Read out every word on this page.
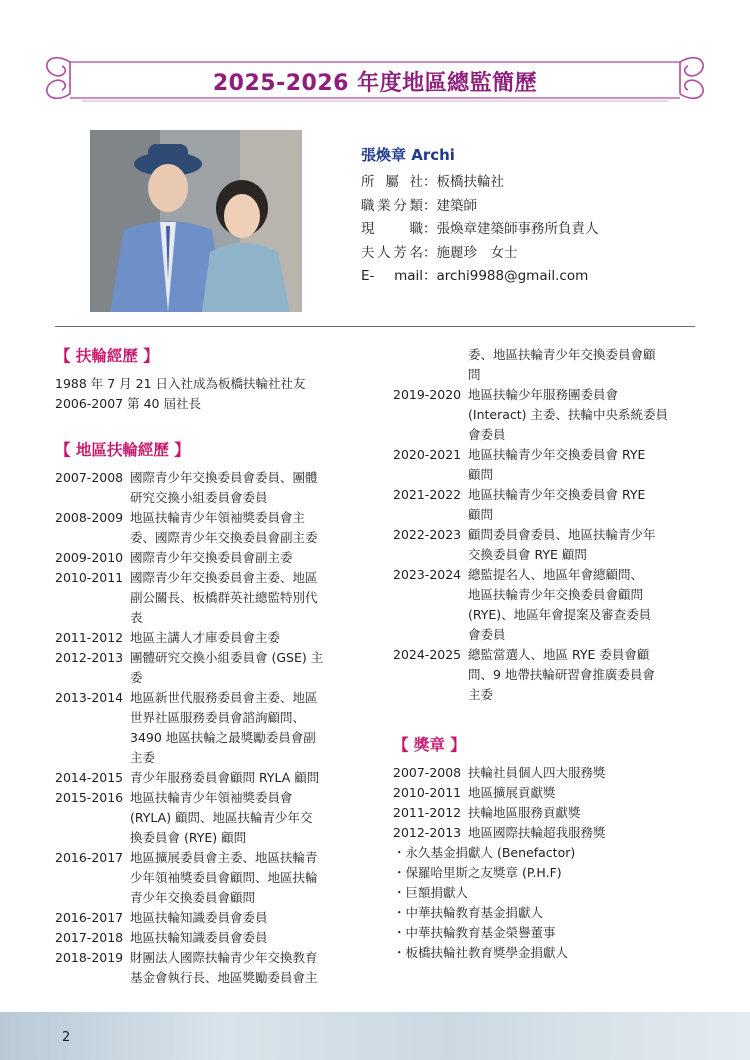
2025-2026 年度地區總監簡歷
張煥章 Archi
所屬社：板橋扶輪社
職業分類：建築師
現職：張煥章建築師事務所負責人
夫人芳名：施麗珍　女士
E- mail：archi9988@gmail.com
【 扶輪經歷 】
1988 年 7 月 21 日入社成為板橋扶輪社社友
2006-2007 第 40 屆社長
【 地區扶輪經歷 】
2007-2008 國際青少年交換委員會委員、團體
研究交換小組委員會委員
2008-2009 地區扶輪青少年領袖獎委員會主
委、國際青少年交換委員會副主委
2009-2010 國際青少年交換委員會副主委
2010-2011 國際青少年交換委員會主委、地區
副公關長、板橋群英社總監特別代
表
2011-2012 地區主講人才庫委員會主委
2012-2013 團體研究交換小組委員會 (GSE) 主
委
2013-2014 地區新世代服務委員會主委、地區
世界社區服務委員會諮詢顧問、
3490 地區扶輪之最獎勵委員會副
主委
2014-2015 青少年服務委員會顧問 RYLA 顧問
2015-2016 地區扶輪青少年領袖獎委員會
(RYLA) 顧問、地區扶輪青少年交
換委員會 (RYE) 顧問
2016-2017 地區擴展委員會主委、地區扶輪青
少年領袖獎委員會顧問、地區扶輪
青少年交換委員會顧問
2016-2017 地區扶輪知識委員會委員
2017-2018 地區扶輪知識委員會委員
2018-2019 財團法人國際扶輪青少年交換教育
基金會執行長、地區獎勵委員會主
委、地區扶輪青少年交換委員會顧
問
2019-2020 地區扶輪少年服務團委員會
(Interact) 主委、扶輪中央系統委員
會委員
2020-2021 地區扶輪青少年交換委員會 RYE
顧問
2021-2022 地區扶輪青少年交換委員會 RYE
顧問
2022-2023 顧問委員會委員、地區扶輪青少年
交換委員會 RYE 顧問
2023-2024 總監提名人、地區年會總顧問、
地區扶輪青少年交換委員會顧問
(RYE)、地區年會提案及審查委員
會委員
2024-2025 總監當選人、地區 RYE 委員會顧
問、9 地帶扶輪研習會推廣委員會
主委
【 獎章 】
2007-2008 扶輪社員個人四大服務獎
2010-2011 地區擴展貢獻獎
2011-2012 扶輪地區服務貢獻獎
2012-2013 地區國際扶輪超我服務獎
・永久基金捐獻人 (Benefactor)
・保羅哈里斯之友獎章 (P.H.F)
・巨額捐獻人
・中華扶輪教育基金捐獻人
・中華扶輪教育基金榮譽董事
・板橋扶輪社教育獎學金捐獻人
2
